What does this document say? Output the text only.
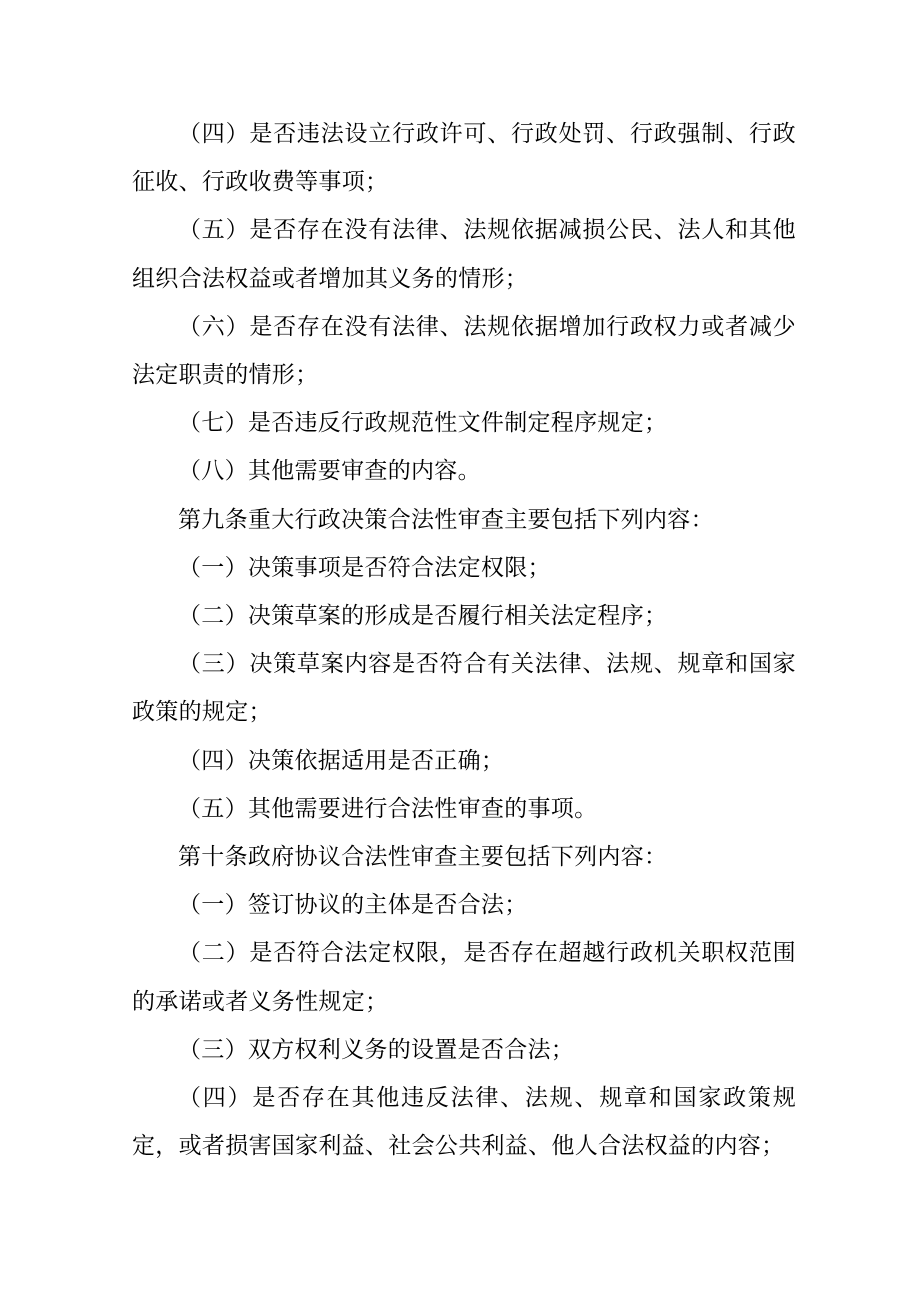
（四）是否违法设立行政许可、行政处罚、行政强制、行政征收、行政收费等事项；

（五）是否存在没有法律、法规依据减损公民、法人和其他组织合法权益或者增加其义务的情形；

（六）是否存在没有法律、法规依据增加行政权力或者减少法定职责的情形；

（七）是否违反行政规范性文件制定程序规定；

（八）其他需要审查的内容。

第九条重大行政决策合法性审查主要包括下列内容：

（一）决策事项是否符合法定权限；

（二）决策草案的形成是否履行相关法定程序；

（三）决策草案内容是否符合有关法律、法规、规章和国家政策的规定；

（四）决策依据适用是否正确；

（五）其他需要进行合法性审查的事项。

第十条政府协议合法性审查主要包括下列内容：

（一）签订协议的主体是否合法；

（二）是否符合法定权限，是否存在超越行政机关职权范围的承诺或者义务性规定；

（三）双方权利义务的设置是否合法；

（四）是否存在其他违反法律、法规、规章和国家政策规定，或者损害国家利益、社会公共利益、他人合法权益的内容；
